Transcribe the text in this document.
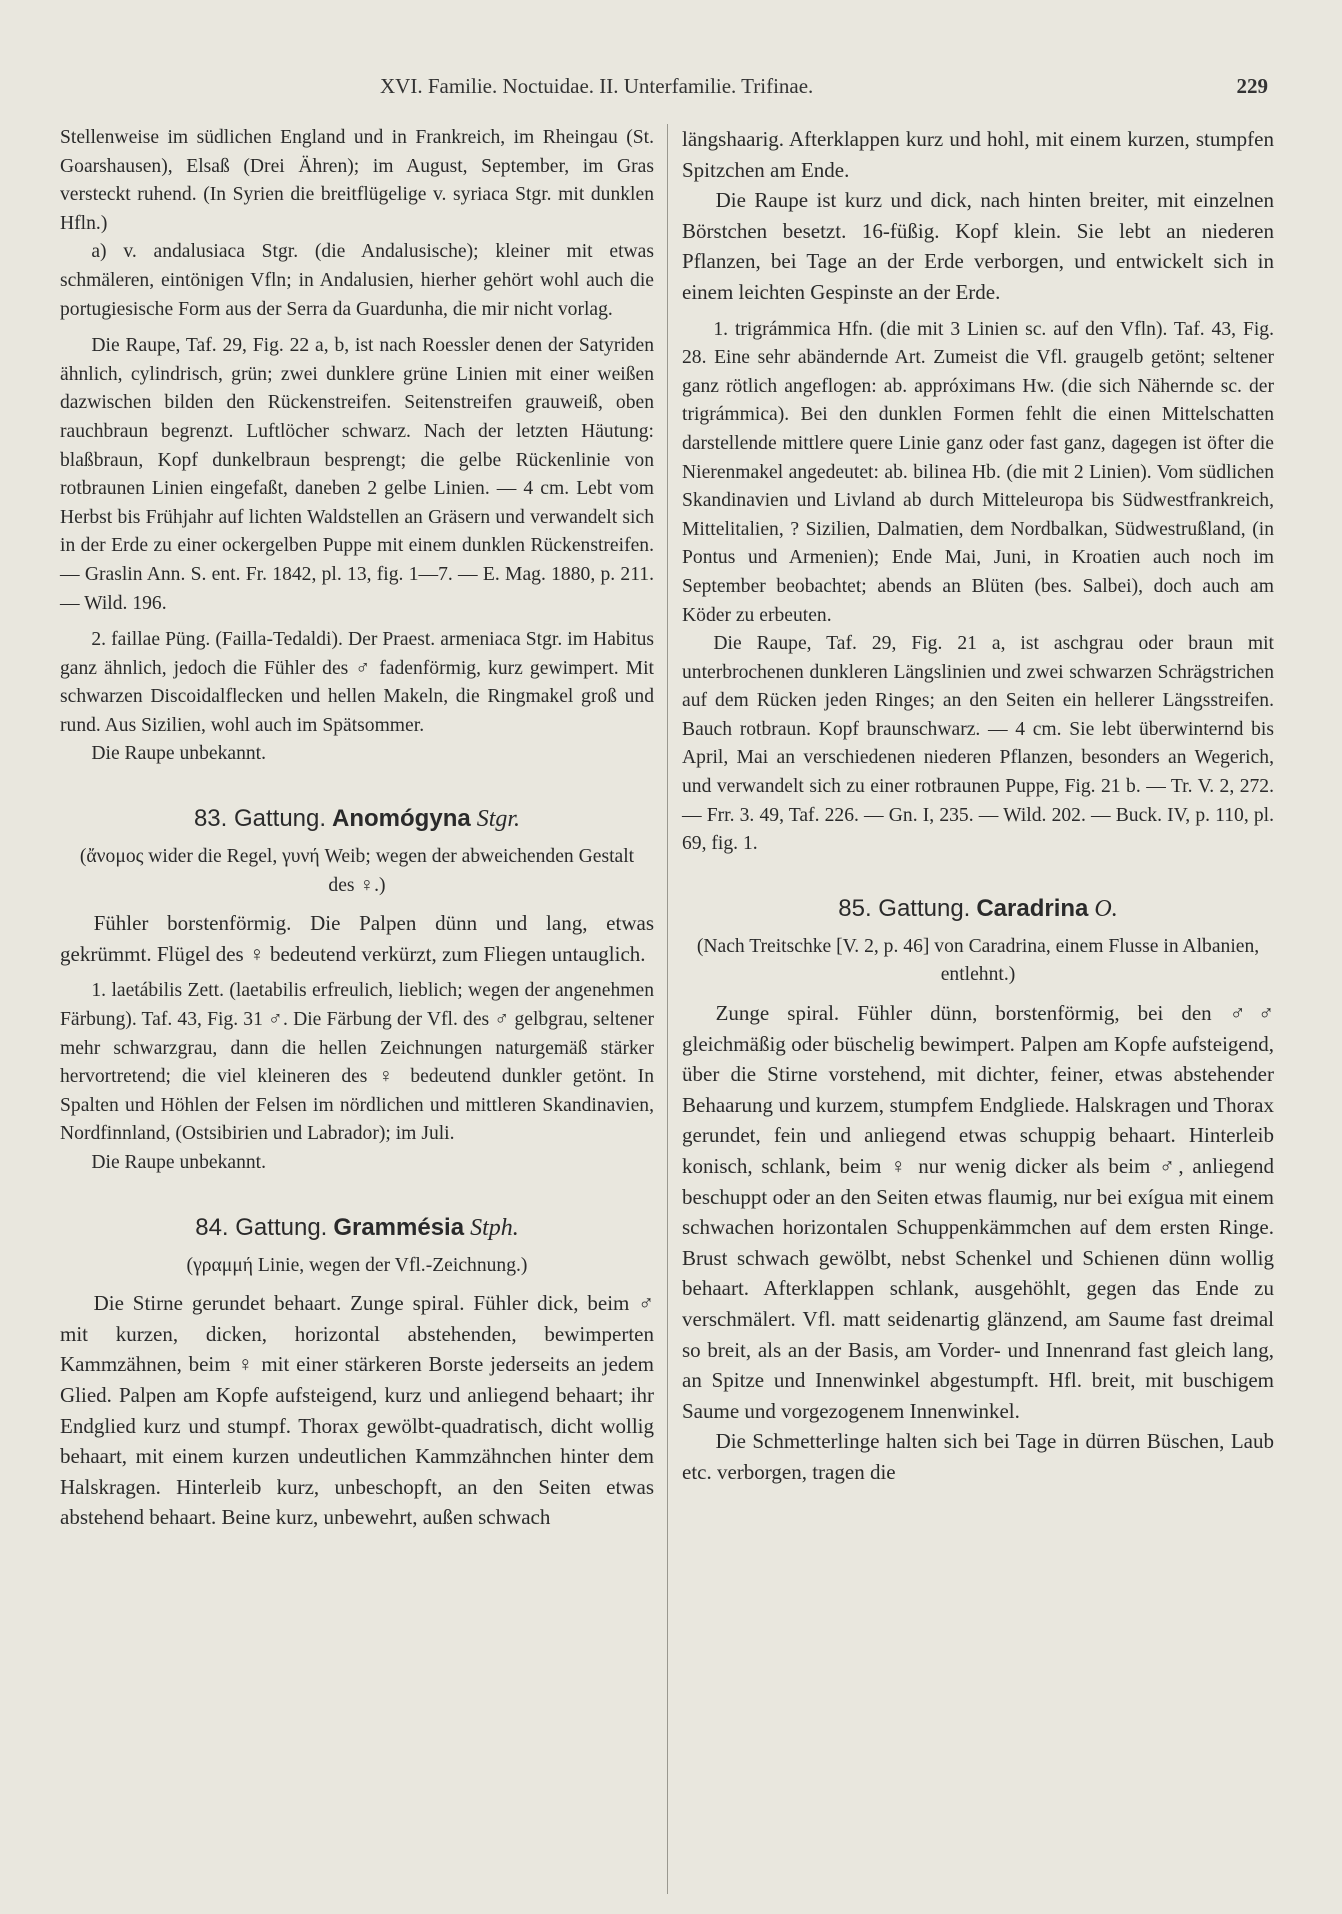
XVI. Familie. Noctuidae. II. Unterfamilie. Trifinae.	229

Stellenweise im südlichen England und in Frankreich, im Rheingau (St. Goarshausen), Elsaß (Drei Ähren); im August, September, im Gras versteckt ruhend. (In Syrien die breitflügelige v. syriaca Stgr. mit dunklen Hfln.)

a) v. andalusiaca Stgr. (die Andalusische); kleiner mit etwas schmäleren, eintönigen Vfln; in Andalusien, hierher gehört wohl auch die portugiesische Form aus der Serra da Guardunha, die mir nicht vorlag.

Die Raupe, Taf. 29, Fig. 22 a, b, ist nach Roessler denen der Satyriden ähnlich, cylindrisch, grün; zwei dunklere grüne Linien mit einer weißen dazwischen bilden den Rückenstreifen. Seitenstreifen grauweiß, oben rauchbraun begrenzt. Luftlöcher schwarz. Nach der letzten Häutung: blaßbraun, Kopf dunkelbraun besprengt; die gelbe Rückenlinie von rotbraunen Linien eingefaßt, daneben 2 gelbe Linien. — 4 cm. Lebt vom Herbst bis Frühjahr auf lichten Waldstellen an Gräsern und verwandelt sich in der Erde zu einer ockergelben Puppe mit einem dunklen Rückenstreifen. — Graslin Ann. S. ent. Fr. 1842, pl. 13, fig. 1—7. — E. Mag. 1880, p. 211. — Wild. 196.

2. faillae Püng. (Failla-Tedaldi). Der Praest. armeniaca Stgr. im Habitus ganz ähnlich, jedoch die Fühler des ♂ fadenförmig, kurz gewimpert. Mit schwarzen Discoidalflecken und hellen Makeln, die Ringmakel groß und rund. Aus Sizilien, wohl auch im Spätsommer.

Die Raupe unbekannt.

83. Gattung. Anomógyna Stgr.

(ἄνομος wider die Regel, γυνή Weib; wegen der abweichenden Gestalt des ♀.)

Fühler borstenförmig. Die Palpen dünn und lang, etwas gekrümmt. Flügel des ♀ bedeutend verkürzt, zum Fliegen untauglich.

1. laetábilis Zett. (laetabilis erfreulich, lieblich; wegen der angenehmen Färbung). Taf. 43, Fig. 31 ♂. Die Färbung der Vfl. des ♂ gelbgrau, seltener mehr schwarzgrau, dann die hellen Zeichnungen naturgemäß stärker hervortretend; die viel kleineren des ♀ bedeutend dunkler getönt. In Spalten und Höhlen der Felsen im nördlichen und mittleren Skandinavien, Nordfinnland, (Ostsibirien und Labrador); im Juli.

Die Raupe unbekannt.

84. Gattung. Grammésia Stph.

(γραμμή Linie, wegen der Vfl.-Zeichnung.)

Die Stirne gerundet behaart. Zunge spiral. Fühler dick, beim ♂ mit kurzen, dicken, horizontal abstehenden, bewimperten Kammzähnen, beim ♀ mit einer stärkeren Borste jederseits an jedem Glied. Palpen am Kopfe aufsteigend, kurz und anliegend behaart; ihr Endglied kurz und stumpf. Thorax gewölbt-quadratisch, dicht wollig behaart, mit einem kurzen undeutlichen Kammzähnchen hinter dem Halskragen. Hinterleib kurz, unbeschopft, an den Seiten etwas abstehend behaart. Beine kurz, unbewehrt, außen schwach

längshaarig. Afterklappen kurz und hohl, mit einem kurzen, stumpfen Spitzchen am Ende.

Die Raupe ist kurz und dick, nach hinten breiter, mit einzelnen Börstchen besetzt. 16-füßig. Kopf klein. Sie lebt an niederen Pflanzen, bei Tage an der Erde verborgen, und entwickelt sich in einem leichten Gespinste an der Erde.

1. trigrámmica Hfn. (die mit 3 Linien sc. auf den Vfln). Taf. 43, Fig. 28. Eine sehr abändernde Art. Zumeist die Vfl. graugelb getönt; seltener ganz rötlich angeflogen: ab. appróximans Hw. (die sich Nähernde sc. der trigrámmica). Bei den dunklen Formen fehlt die einen Mittelschatten darstellende mittlere quere Linie ganz oder fast ganz, dagegen ist öfter die Nierenmakel angedeutet: ab. bilinea Hb. (die mit 2 Linien). Vom südlichen Skandinavien und Livland ab durch Mitteleuropa bis Südwestfrankreich, Mittelitalien, ? Sizilien, Dalmatien, dem Nordbalkan, Südwestrußland, (in Pontus und Armenien); Ende Mai, Juni, in Kroatien auch noch im September beobachtet; abends an Blüten (bes. Salbei), doch auch am Köder zu erbeuten.

Die Raupe, Taf. 29, Fig. 21 a, ist aschgrau oder braun mit unterbrochenen dunkleren Längslinien und zwei schwarzen Schrägstrichen auf dem Rücken jeden Ringes; an den Seiten ein hellerer Längsstreifen. Bauch rotbraun. Kopf braunschwarz. — 4 cm. Sie lebt überwinternd bis April, Mai an verschiedenen niederen Pflanzen, besonders an Wegerich, und verwandelt sich zu einer rotbraunen Puppe, Fig. 21 b. — Tr. V. 2, 272. — Frr. 3. 49, Taf. 226. — Gn. I, 235. — Wild. 202. — Buck. IV, p. 110, pl. 69, fig. 1.

85. Gattung. Caradrina O.

(Nach Treitschke [V. 2, p. 46] von Caradrina, einem Flusse in Albanien, entlehnt.)

Zunge spiral. Fühler dünn, borstenförmig, bei den ♂♂ gleichmäßig oder büschelig bewimpert. Palpen am Kopfe aufsteigend, über die Stirne vorstehend, mit dichter, feiner, etwas abstehender Behaarung und kurzem, stumpfem Endgliede. Halskragen und Thorax gerundet, fein und anliegend etwas schuppig behaart. Hinterleib konisch, schlank, beim ♀ nur wenig dicker als beim ♂, anliegend beschuppt oder an den Seiten etwas flaumig, nur bei exígua mit einem schwachen horizontalen Schuppenkämmchen auf dem ersten Ringe. Brust schwach gewölbt, nebst Schenkel und Schienen dünn wollig behaart. Afterklappen schlank, ausgehöhlt, gegen das Ende zu verschmälert. Vfl. matt seidenartig glänzend, am Saume fast dreimal so breit, als an der Basis, am Vorder- und Innenrand fast gleich lang, an Spitze und Innenwinkel abgestumpft. Hfl. breit, mit buschigem Saume und vorgezogenem Innenwinkel.

Die Schmetterlinge halten sich bei Tage in dürren Büschen, Laub etc. verborgen, tragen die
